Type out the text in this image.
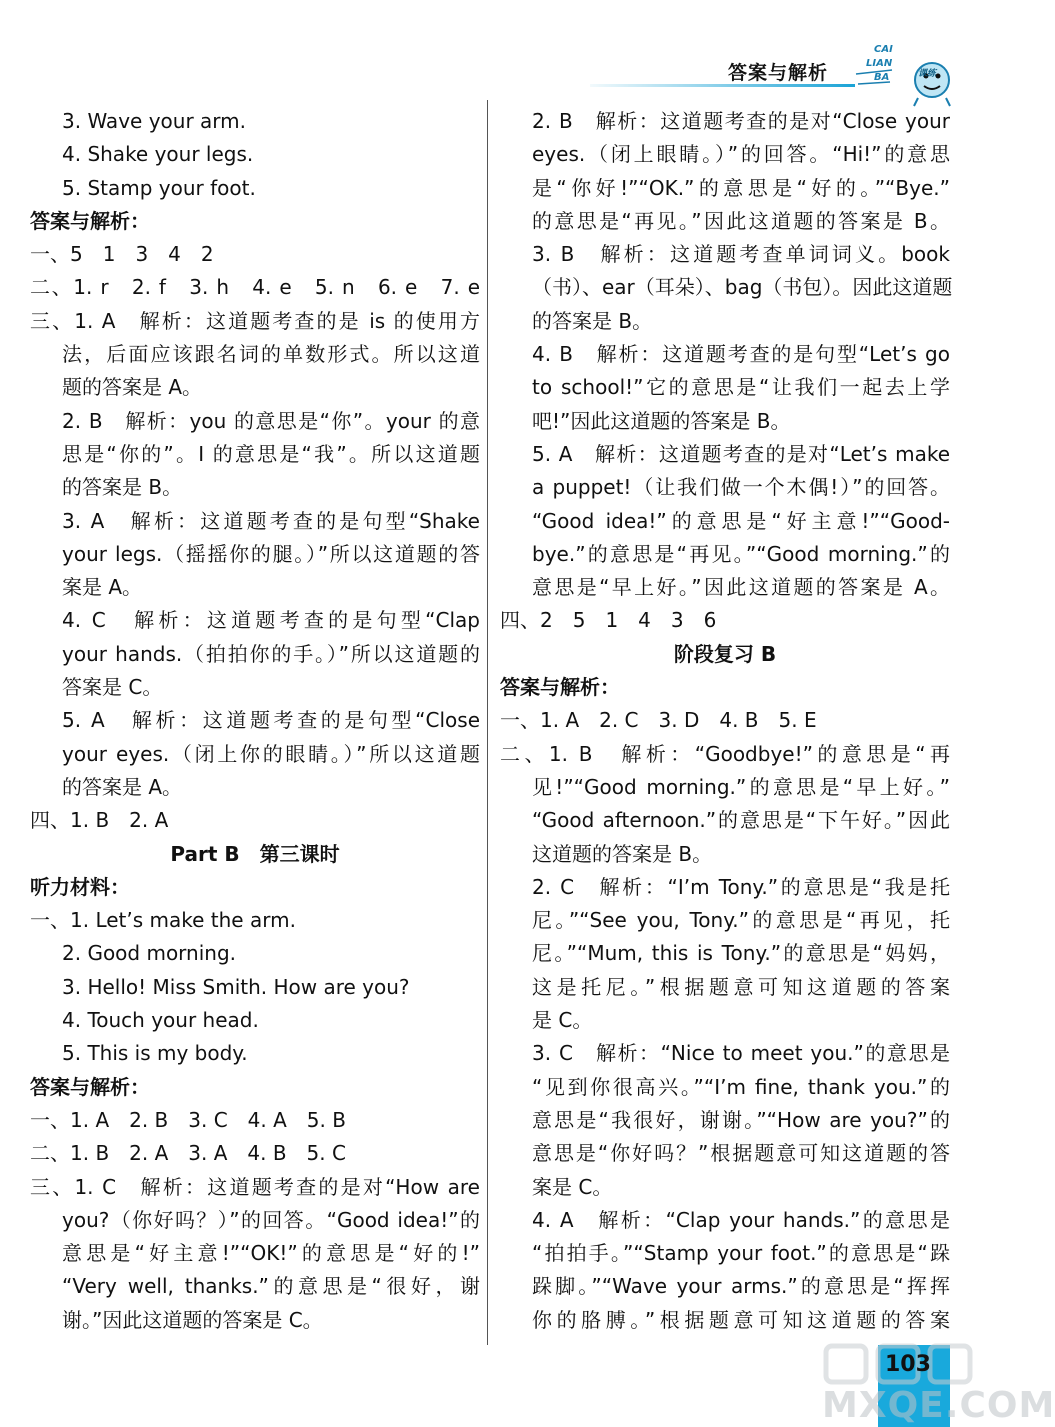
答案与解析
CAI
LIAN
BA	课练
3. Wave your arm.
4. Shake your legs.
5. Stamp your foot.
答案与解析：
一、5　1　3　4　2
二、1. r　2. f　3. h　4. e　5. n　6. e　7. e
三、1. A　解析：这道题考查的是 is 的使用方
法，后面应该跟名词的单数形式。所以这道
题的答案是 A。
2. B　解析：you 的意思是“你”。your 的意
思是“你的”。I 的意思是“我”。所以这道题
的答案是 B。
3. A　解析：这道题考查的是句型“Shake
your legs.（摇摇你的腿。）”所以这道题的答
案是 A。
4. C　解析：这道题考查的是句型“Clap
your hands.（拍拍你的手。）”所以这道题的
答案是 C。
5. A　解析：这道题考查的是句型“Close
your eyes.（闭上你的眼睛。）”所以这道题
的答案是 A。
四、1. B　2. A
Part B　第三课时
听力材料：
一、1. Let’s make the arm.
2. Good morning.
3. Hello! Miss Smith. How are you?
4. Touch your head.
5. This is my body.
答案与解析：
一、1. A　2. B　3. C　4. A　5. B
二、1. B　2. A　3. A　4. B　5. C
三、1. C　解析：这道题考查的是对“How are
you?（你好吗？）”的回答。“Good idea!”的
意思是“好主意!”“OK!”的意思是“好的!”
“Very well, thanks.”的意思是“很好，谢
谢。”因此这道题的答案是 C。
2. B　解析：这道题考查的是对“Close your
eyes.（闭上眼睛。）”的回答。“Hi!”的意思
是“你好!”“OK.”的意思是“好的。”“Bye.”
的意思是“再见。”因此这道题的答案是 B。
3. B　解析：这道题考查单词词义。book
（书）、ear（耳朵）、bag（书包）。因此这道题
的答案是 B。
4. B　解析：这道题考查的是句型“Let’s go
to school!”它的意思是“让我们一起去上学
吧!”因此这道题的答案是 B。
5. A　解析：这道题考查的是对“Let’s make
a puppet!（让我们做一个木偶!）”的回答。
“Good idea!”的意思是“好主意!”“Good-
bye.”的意思是“再见。”“Good morning.”的
意思是“早上好。”因此这道题的答案是 A。
四、2　5　1　4　3　6
阶段复习 B
答案与解析：
一、1. A　2. C　3. D　4. B　5. E
二、1. B　解析：“Goodbye!”的意思是“再
见!”“Good morning.”的意思是“早上好。”
“Good afternoon.”的意思是“下午好。”因此
这道题的答案是 B。
2. C　解析：“I’m Tony.”的意思是“我是托
尼。”“See you, Tony.”的意思是“再见，托
尼。”“Mum, this is Tony.”的意思是“妈妈，
这是托尼。”根据题意可知这道题的答案
是 C。
3. C　解析：“Nice to meet you.”的意思是
“见到你很高兴。”“I’m fine, thank you.”的
意思是“我很好，谢谢。”“How are you?”的
意思是“你好吗？”根据题意可知这道题的答
案是 C。
4. A　解析：“Clap your hands.”的意思是
“拍拍手。”“Stamp your foot.”的意思是“跺
跺脚。”“Wave your arms.”的意思是“挥挥
你的胳膊。”根据题意可知这道题的答案
MXQE.COM
103
